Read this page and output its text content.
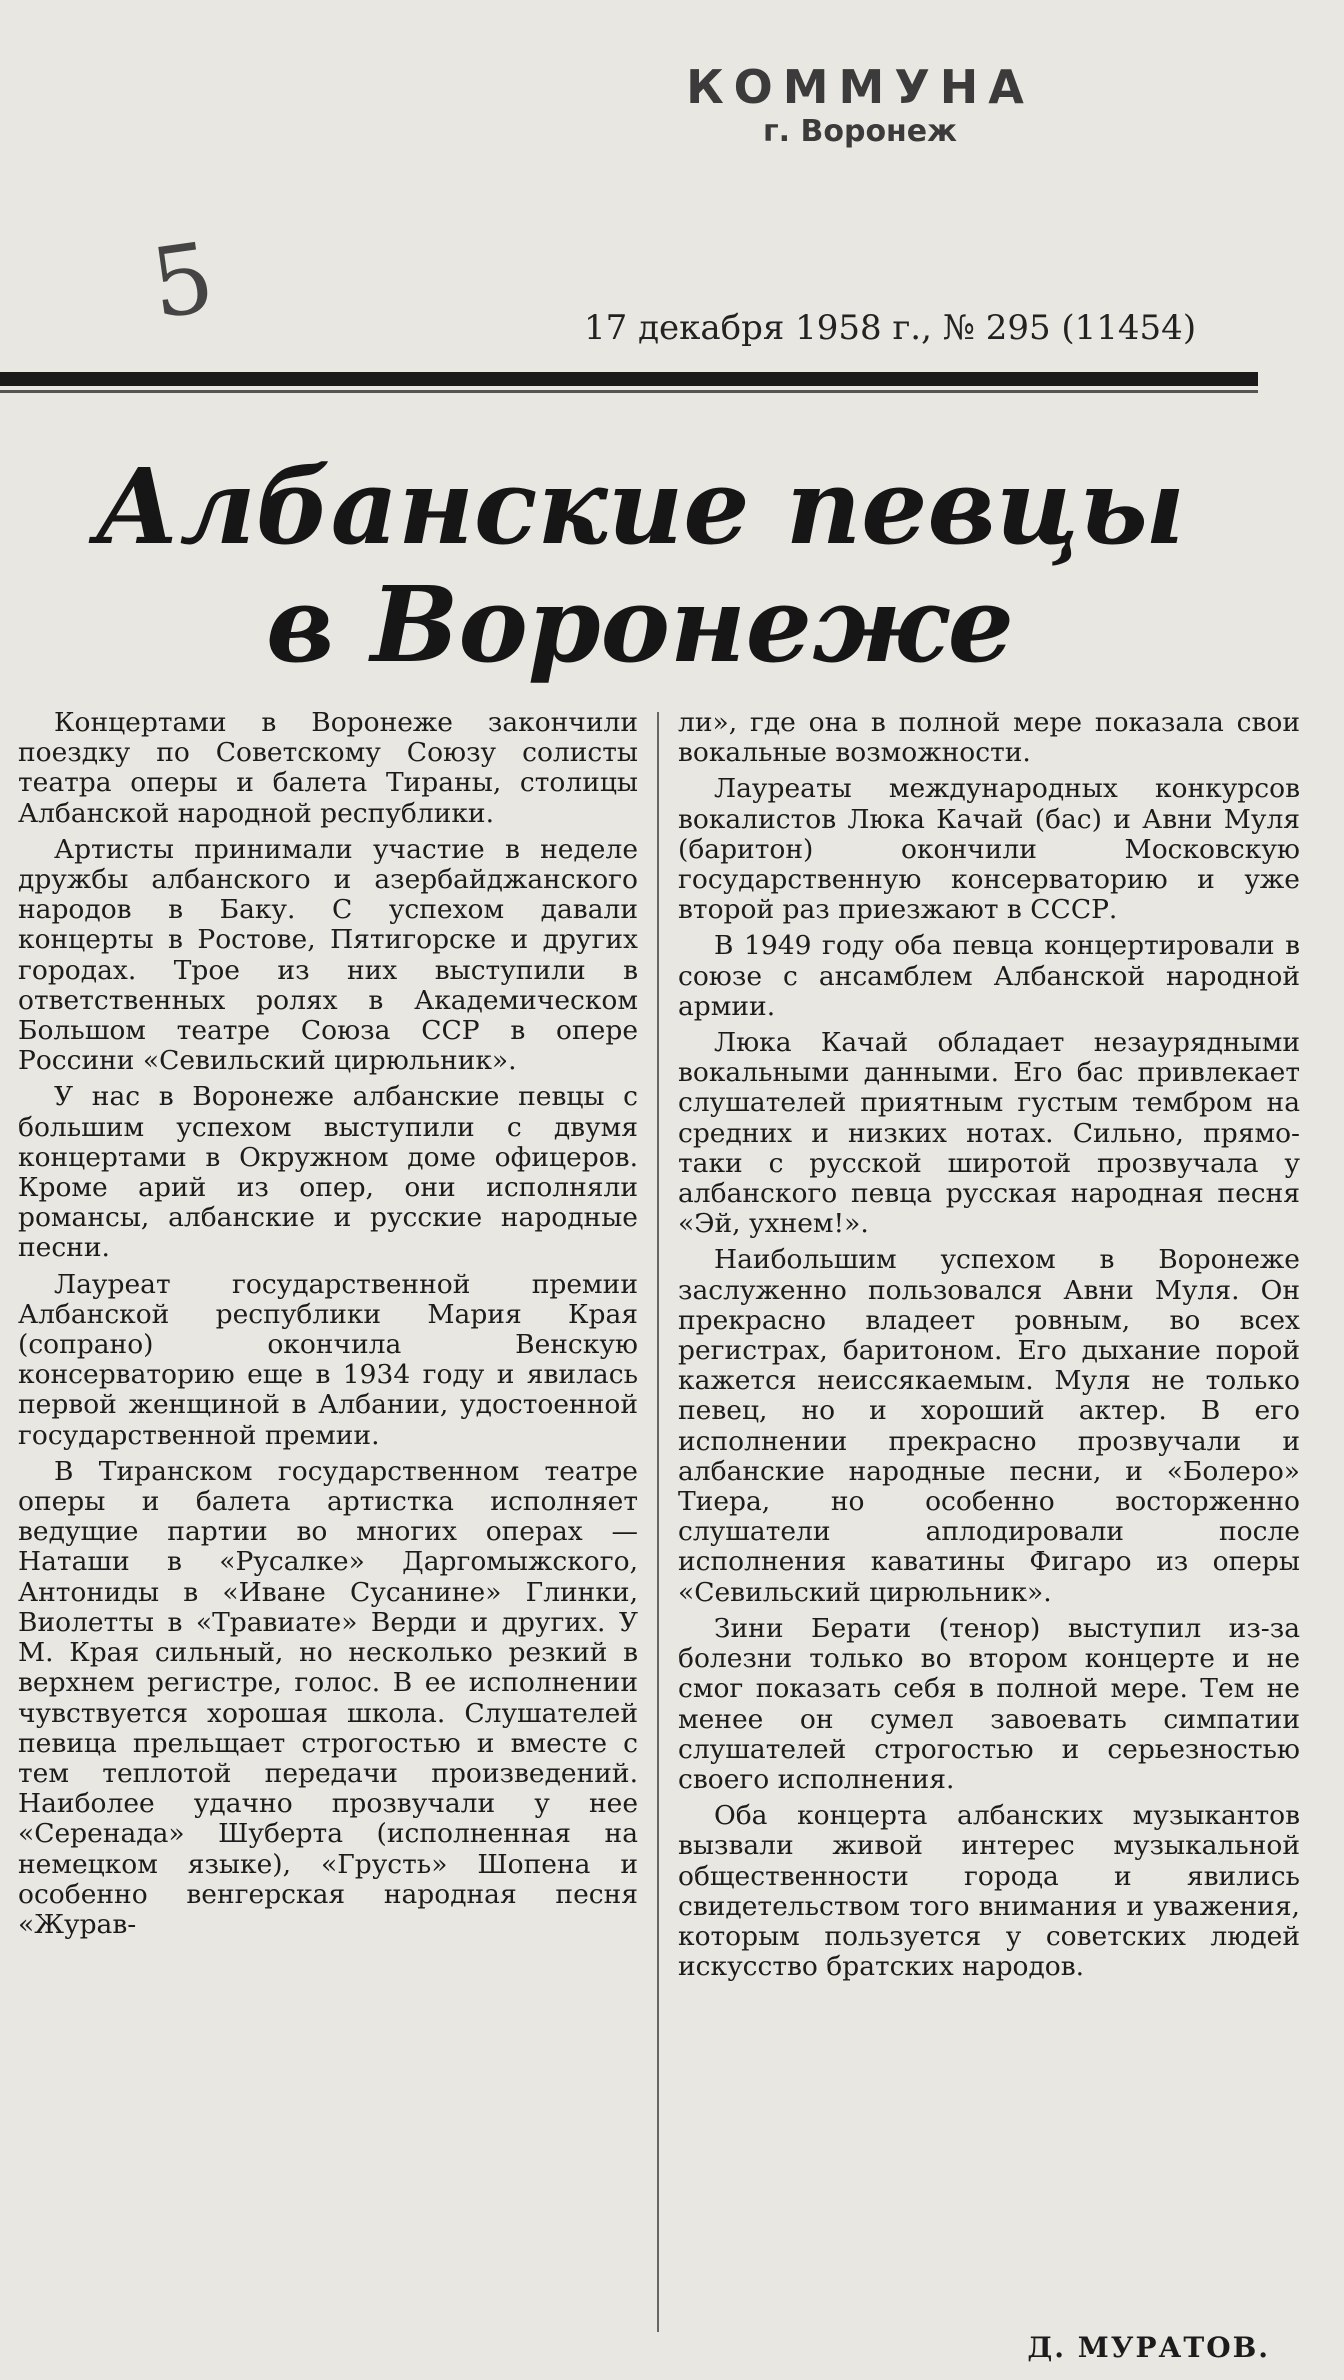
КОММУНА
г. Воронеж
5	17 декабря 1958 г., № 295 (11454)
Албанские певцы
в Воронеже

Концертами в Воронеже закончили поездку по Советскому Союзу солисты театра оперы и балета Тираны, столицы Албанской народной республики.

Артисты принимали участие в неделе дружбы албанского и азербайджанского народов в Баку. С успехом давали концерты в Ростове, Пятигорске и других городах. Трое из них выступили в ответственных ролях в Академическом Большом театре Союза ССР в опере Россини «Севильский цирюльник».

У нас в Воронеже албанские певцы с большим успехом выступили с двумя концертами в Окружном доме офицеров. Кроме арий из опер, они исполняли романсы, албанские и русские народные песни.

Лауреат государственной премии Албанской республики Мария Края (сопрано) окончила Венскую консерваторию еще в 1934 году и явилась первой женщиной в Албании, удостоенной государственной премии.

В Тиранском государственном театре оперы и балета артистка исполняет ведущие партии во многих операх — Наташи в «Русалке» Даргомыжского, Антониды в «Иване Сусанине» Глинки, Виолетты в «Травиате» Верди и других. У М. Края сильный, но несколько резкий в верхнем регистре, голос. В ее исполнении чувствуется хорошая школа. Слушателей певица прельщает строгостью и вместе с тем теплотой передачи произведений. Наиболее удачно прозвучали у нее «Серенада» Шуберта (исполненная на немецком языке), «Грусть» Шопена и особенно венгерская народная песня «Журав-

ли», где она в полной мере показала свои вокальные возможности.

Лауреаты международных конкурсов вокалистов Люка Качай (бас) и Авни Муля (баритон) окончили Московскую государственную консерваторию и уже второй раз приезжают в СССР.

В 1949 году оба певца концертировали в союзе с ансамблем Албанской народной армии.

Люка Качай обладает незаурядными вокальными данными. Его бас привлекает слушателей приятным густым тембром на средних и низких нотах. Сильно, прямо-таки с русской широтой прозвучала у албанского певца русская народная песня «Эй, ухнем!».

Наибольшим успехом в Воронеже заслуженно пользовался Авни Муля. Он прекрасно владеет ровным, во всех регистрах, баритоном. Его дыхание порой кажется неиссякаемым. Муля не только певец, но и хороший актер. В его исполнении прекрасно прозвучали и албанские народные песни, и «Болеро» Тиера, но особенно восторженно слушатели аплодировали после исполнения каватины Фигаро из оперы «Севильский цирюльник».

Зини Берати (тенор) выступил из-за болезни только во втором концерте и не смог показать себя в полной мере. Тем не менее он сумел завоевать симпатии слушателей строгостью и серьезностью своего исполнения.

Оба концерта албанских музыкантов вызвали живой интерес музыкальной общественности города и явились свидетельством того внимания и уважения, которым пользуется у советских людей искусство братских народов.

Д. МУРАТОВ.
